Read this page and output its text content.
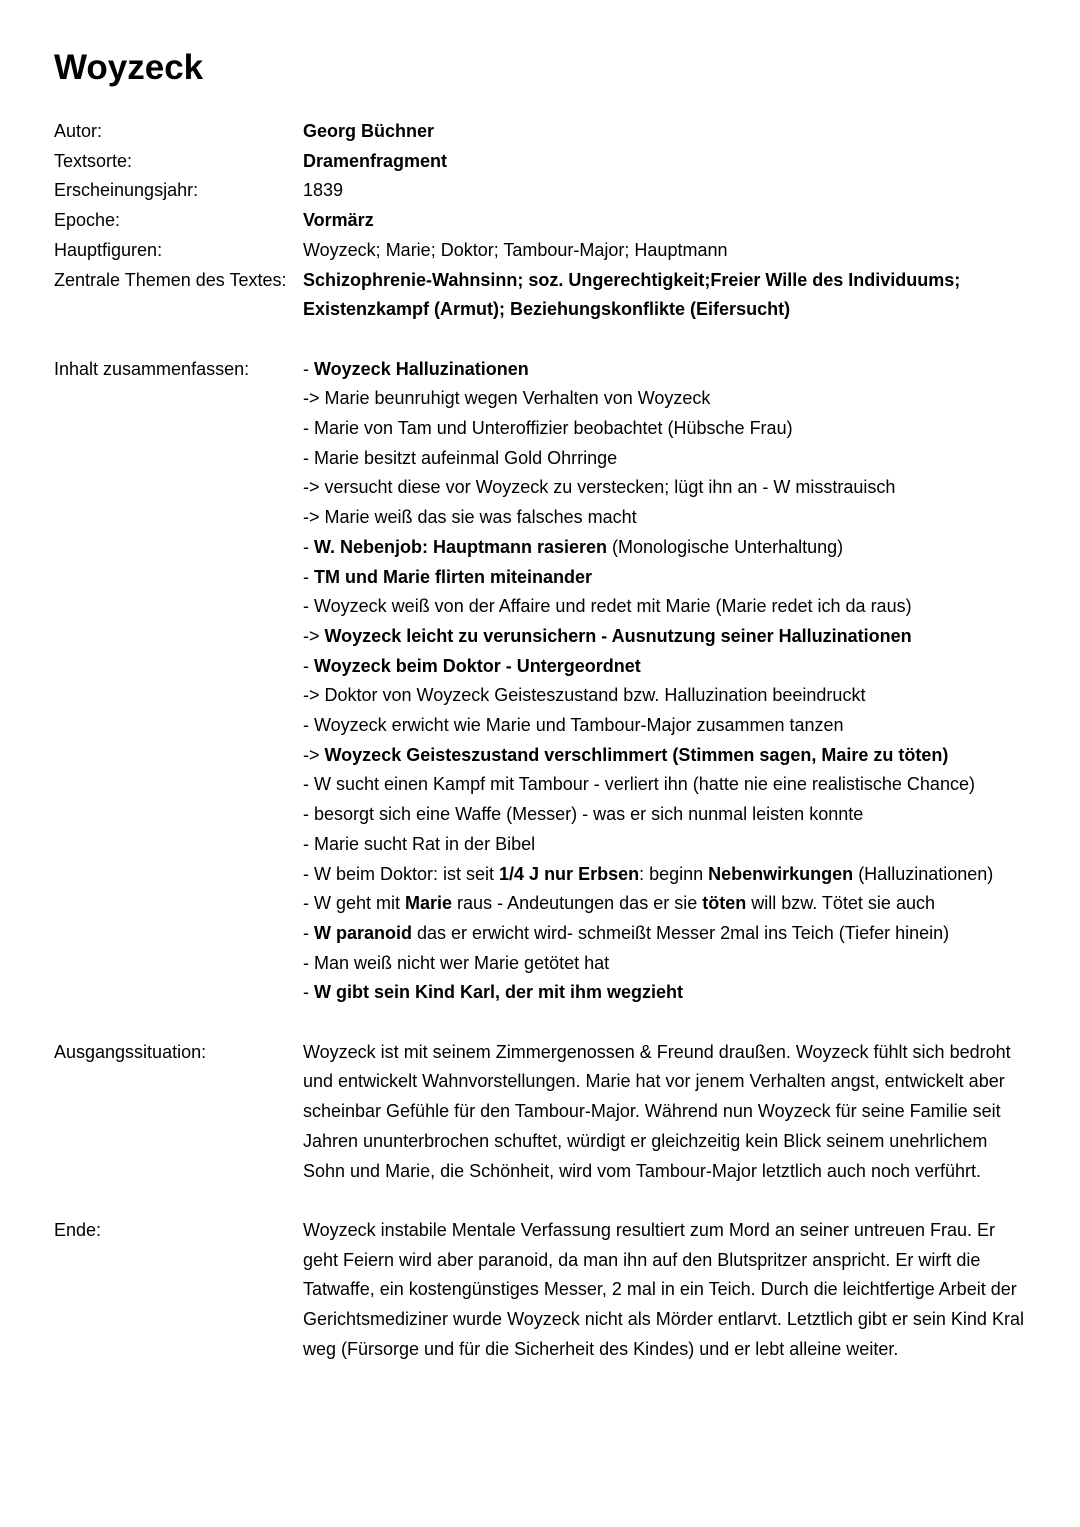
Woyzeck
Autor:	Georg Büchner
Textsorte:	Dramenfragment
Erscheinungsjahr:	1839
Epoche:	Vormärz
Hauptfiguren:	Woyzeck; Marie; Doktor; Tambour-Major; Hauptmann
Zentrale Themen des Textes: Schizophrenie-Wahnsinn; soz. Ungerechtigkeit;Freier Wille des Individuums;
Existenzkampf (Armut); Beziehungskonflikte (Eifersucht)
Inhalt zusammenfassen:	- Woyzeck Halluzinationen
-> Marie beunruhigt wegen Verhalten von Woyzeck
- Marie von Tam und Unteroffizier beobachtet (Hübsche Frau)
- Marie besitzt aufeinmal Gold Ohrringe
-> versucht diese vor Woyzeck zu verstecken; lügt ihn an - W misstrauisch
-> Marie weiß das sie was falsches macht
- W. Nebenjob: Hauptmann rasieren (Monologische Unterhaltung)
- TM und Marie flirten miteinander
- Woyzeck weiß von der Affaire und redet mit Marie (Marie redet ich da raus)
-> Woyzeck leicht zu verunsichern - Ausnutzung seiner Halluzinationen
- Woyzeck beim Doktor - Untergeordnet
-> Doktor von Woyzeck Geisteszustand bzw. Halluzination beeindruckt
- Woyzeck erwicht wie Marie und Tambour-Major zusammen tanzen
-> Woyzeck Geisteszustand verschlimmert (Stimmen sagen, Maire zu töten)
- W sucht einen Kampf mit Tambour - verliert ihn (hatte nie eine realistische Chance)
- besorgt sich eine Waffe (Messer) - was er sich nunmal leisten konnte
- Marie sucht Rat in der Bibel
- W beim Doktor: ist seit 1/4 J nur Erbsen: beginn Nebenwirkungen (Halluzinationen)
- W geht mit Marie raus - Andeutungen das er sie töten will bzw. Tötet sie auch
- W paranoid das er erwicht wird- schmeißt Messer 2mal ins Teich (Tiefer hinein)
- Man weiß nicht wer Marie getötet hat
- W gibt sein Kind Karl, der mit ihm wegzieht
Ausgangssituation:	Woyzeck ist mit seinem Zimmergenossen & Freund draußen. Woyzeck fühlt sich bedroht
und entwickelt Wahnvorstellungen. Marie hat vor jenem Verhalten angst, entwickelt aber
scheinbar Gefühle für den Tambour-Major. Während nun Woyzeck für seine Familie seit
Jahren ununterbrochen schuftet, würdigt er gleichzeitig kein Blick seinem unehrlichem
Sohn und Marie, die Schönheit, wird vom Tambour-Major letztlich auch noch verführt.
Ende:	Woyzeck instabile Mentale Verfassung resultiert zum Mord an seiner untreuen Frau. Er
geht Feiern wird aber paranoid, da man ihn auf den Blutspritzer anspricht. Er wirft die
Tatwaffe, ein kostengünstiges Messer, 2 mal in ein Teich. Durch die leichtfertige Arbeit der
Gerichtsmediziner wurde Woyzeck nicht als Mörder entlarvt. Letztlich gibt er sein Kind Kral
weg (Fürsorge und für die Sicherheit des Kindes) und er lebt alleine weiter.
